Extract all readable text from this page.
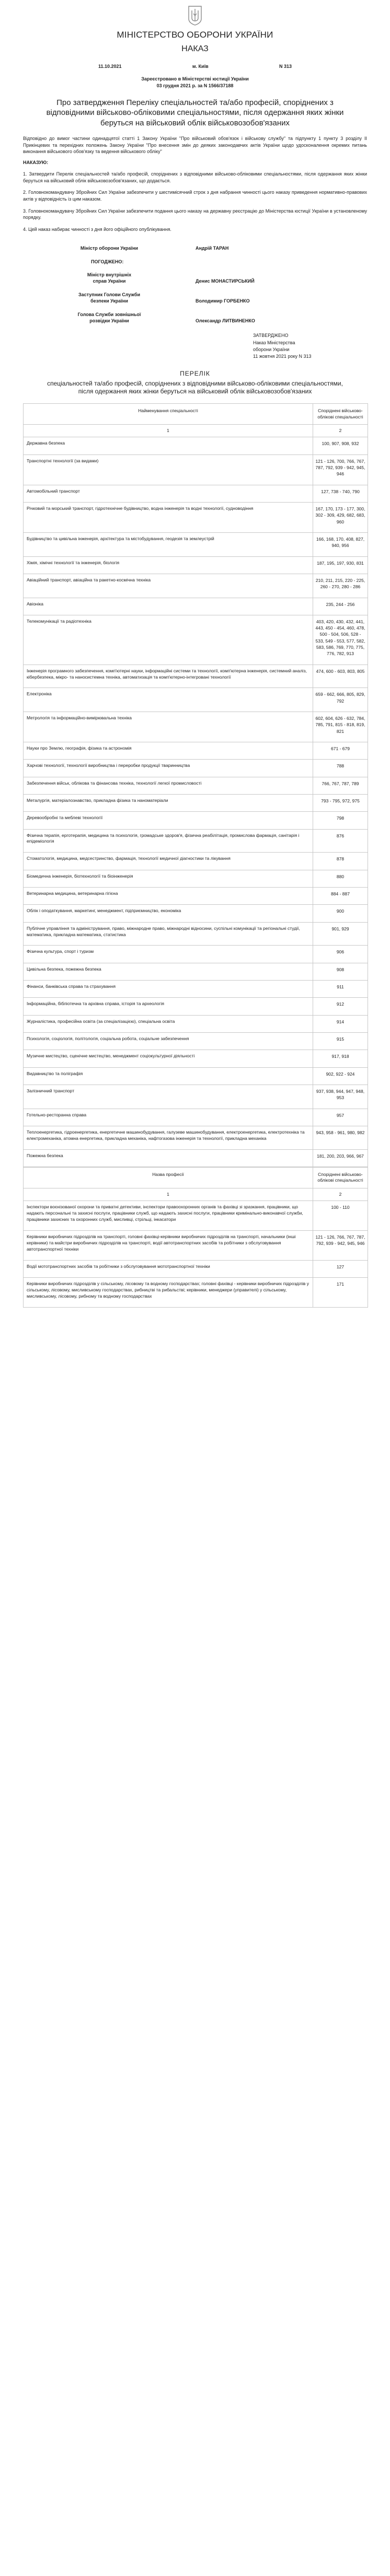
МІНІСТЕРСТВО ОБОРОНИ УКРАЇНИ
НАКАЗ
11.10.2021	м. Київ	N 313
Зареєстровано в Міністерстві юстиції України
03 грудня 2021 р. за N 1566/37188
Про затвердження Переліку спеціальностей та/або професій, споріднених з відповідними військово-обліковими спеціальностями, після одержання яких жінки беруться на військовий облік військовозобов'язаних
Відповідно до вимог частини одинадцятої статті 1 Закону України "Про військовий обов'язок і військову службу" та підпункту 1 пункту 3 розділу II Прикінцевих та перехідних положень Закону України "Про внесення змін до деяких законодавчих актів України щодо удосконалення окремих питань виконання військового обов'язку та ведення військового обліку"
НАКАЗУЮ:
1. Затвердити Перелік спеціальностей та/або професій, споріднених з відповідними військово-обліковими спеціальностями, після одержання яких жінки беруться на військовий облік військовозобов'язаних, що додається.
2. Головнокомандувачу Збройних Сил України забезпечити у шестимісячний строк з дня набрання чинності цього наказу приведення нормативно-правових актів у відповідність із цим наказом.
3. Головнокомандувачу Збройних Сил України забезпечити подання цього наказу на державну реєстрацію до Міністерства юстиції України в установленому порядку.
4. Цей наказ набирає чинності з дня його офіційного опублікування.
Міністр оборони України	Андрій ТАРАН
ПОГОДЖЕНО:
Міністр внутрішніх справ України	Денис МОНАСТИРСЬКИЙ
Заступник Голови Служби безпеки України	Володимир ГОРБЕНКО
Голова Служби зовнішньої розвідки України	Олександр ЛИТВИНЕНКО
ЗАТВЕРДЖЕНО
Наказ Міністерства
оборони України
11 жовтня 2021 року N 313
ПЕРЕЛІК
спеціальностей та/або професій, споріднених з відповідними військово-обліковими спеціальностями, після одержання яких жінки беруться на військовий облік військовозобов'язаних
Найменування спеціальності	Споріднені військово-облікові спеціальності
1	2
Державна безпека	100, 907, 908, 932
Транспортні технології (за видами)	121 - 126, 700, 766, 767, 787, 792, 939 - 942, 945, 946
Автомобільний транспорт	127, 738 - 740, 790
Річковий та морський транспорт, гідротехнічне будівництво, водна інженерія та водні технології, судноводіння	167, 170, 173 - 177, 300, 302 - 309, 429, 682, 683, 960
Будівництво та цивільна інженерія, архітектура та містобудування, геодезія та землеустрій	166, 168, 170, 408, 827, 940, 956
Хімія, хімічні технології та інженерія, біологія	187, 195, 197, 930, 831
Авіаційний транспорт, авіаційна та ракетно-космічна техніка	210, 211, 215, 220 - 225, 260 - 270, 280 - 286
Авіоніка	235, 244 - 256
Телекомунікації та радіотехніка	403, 420, 430, 432, 441, 443, 450 - 454, 460, 478, 500 - 504, 506, 528 - 533, 549 - 553, 577, 582, 583, 586, 769, 770, 775, 776, 782, 913
Інженерія програмного забезпечення, комп'ютерні науки, інформаційні системи та технології, комп'ютерна інженерія, системний аналіз, кібербезпека, мікро- та наносистемна техніка, автоматизація та комп'ютерно-інтегровані технології	474, 600 - 603, 803, 805
Електроніка	659 - 662, 666, 805, 829, 792
Метрологія та інформаційно-вимірювальна техніка	602, 604, 626 - 632, 784, 785, 791, 815 - 818, 819, 821
Науки про Землю, географія, фізика та астрономія	671 - 679
Харчові технології, технології виробництва і переробки продукції тваринництва	788
Забезпечення військ, облікова та фінансова техніка, технології легкої промисловості	766, 767, 787, 789
Металургія, матеріалознавство, прикладна фізика та наноматеріали	793 - 795, 972, 975
Деревообробні та меблеві технології	798
Фізична терапія, ерготерапія, медицина та психологія, громадське здоров'я, фізична реабілітація, промислова фармація, санітарія і епідеміологія	876
Стоматологія, медицина, медсестринство, фармація, технології медичної діагностики та лікування	878
Біомедична інженерія, біотехнології та біоінженерія	880
Ветеринарна медицина, ветеринарна гігієна	884 - 887
Облік і оподаткування, маркетинг, менеджмент, підприємництво, економіка	900
Публічне управління та адміністрування, право, міжнародне право, міжнародні відносини, суспільні комунікації та регіональні студії, математика, прикладна математика, статистика	901, 929
Фізична культура, спорт і туризм	906
Цивільна безпека, пожежна безпека	908
Фінанси, банківська справа та страхування	911
Інформаційна, бібліотечна та архівна справа, історія та археологія	912
Журналістика, професійна освіта (за спеціалізацією), спеціальна освіта	914
Психологія, соціологія, політологія, соціальна робота, соціальне забезпечення	915
Музичне мистецтво, сценічне мистецтво, менеджмент соціокультурної діяльності	917, 918
Видавництво та поліграфія	902, 922 - 924
Залізничний транспорт	937, 938, 944, 947, 948, 953
Готельно-ресторанна справа	957
Теплоенергетика, гідроенергетика, енергетичне машинобудування, галузеве машинобудування, електроенергетика, електротехніка та електромеханіка, атомна енергетика, прикладна механіка, нафтогазова інженерія та технології, прикладна механіка	943, 958 - 961, 980, 982
Пожежна безпека	181, 200, 203, 966, 967
Назва професії	Споріднені військово-облікові спеціальності
1	2
Інспектори воєнізованої охорони та приватні детективи, інспектори правоохоронних органів та фахівці зі зразкання, працівники, що надають персональні та захисні послуги, працівники служб, що надають захисні послуги, працівники кримінально-виконавчої служби, працівники захисних та охоронних служб, мисливці, стрільці, інкасатори	100 - 110
Керівники виробничих підрозділів на транспорті, головні фахівці-керівники виробничих підрозділів на транспорті, начальники (інші керівники) та майстри виробничих підрозділів на транспорті, водії автотранспортних засобів та робітники з обслуговування автотранспортної техніки	121 - 126, 766, 767, 787, 792, 939 - 942, 945, 946
Водії мототранспортних засобів та робітники з обслуговування мототранспортної техніки	127
Керівники виробничих підрозділів у сільському, лісовому та водному господарствах; головні фахівці - керівники виробничих підрозділів у сільському, лісовому, мисливському господарствах, рибництві та рибальстві; керівники, менеджери (управителі) у сільському, мисливському, лісовому, рибному та водному господарствах	171
